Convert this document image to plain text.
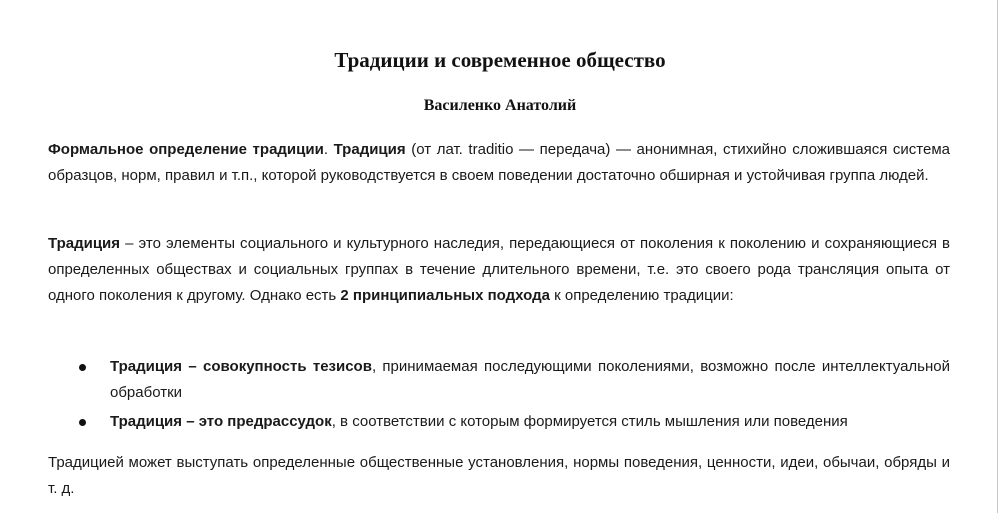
Традиции и современное общество
Василенко Анатолий
Формальное определение традиции. Традиция (от лат. traditio — передача) — анонимная, стихийно сложившаяся система образцов, норм, правил и т.п., которой руководствуется в своем поведении достаточно обширная и устойчивая группа людей.
Традиция – это элементы социального и культурного наследия, передающиеся от поколения к поколению и сохраняющиеся в определенных обществах и социальных группах в течение длительного времени, т.е. это своего рода трансляция опыта от одного поколения к другому. Однако есть 2 принципиальных подхода к определению традиции:
Традиция – совокупность тезисов, принимаемая последующими поколениями, возможно после интеллектуальной обработки
Традиция – это предрассудок, в соответствии с которым формируется стиль мышления или поведения
Традицией может выступать определенные общественные установления, нормы поведения, ценности, идеи, обычаи, обряды и т. д.
